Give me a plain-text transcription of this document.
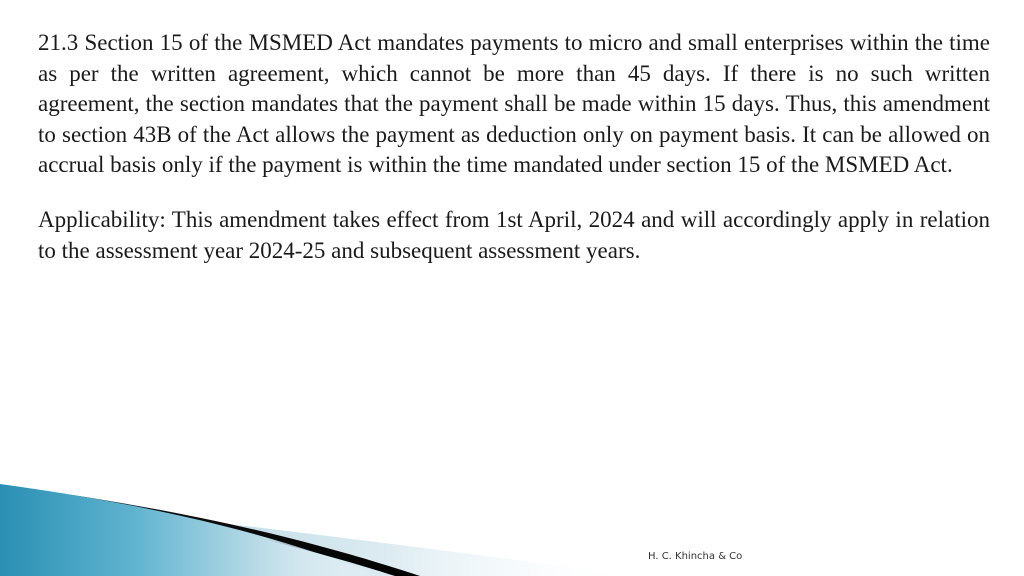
21.3 Section 15 of the MSMED Act mandates payments to micro and small enterprises within the time as per the written agreement, which cannot be more than 45 days. If there is no such written agreement, the section mandates that the payment shall be made within 15 days. Thus, this amendment to section 43B of the Act allows the payment as deduction only on payment basis. It can be allowed on accrual basis only if the payment is within the time mandated under section 15 of the MSMED Act.

Applicability: This amendment takes effect from 1st April, 2024 and will accordingly apply in relation to the assessment year 2024-25 and subsequent assessment years.

H. C. Khincha & Co
